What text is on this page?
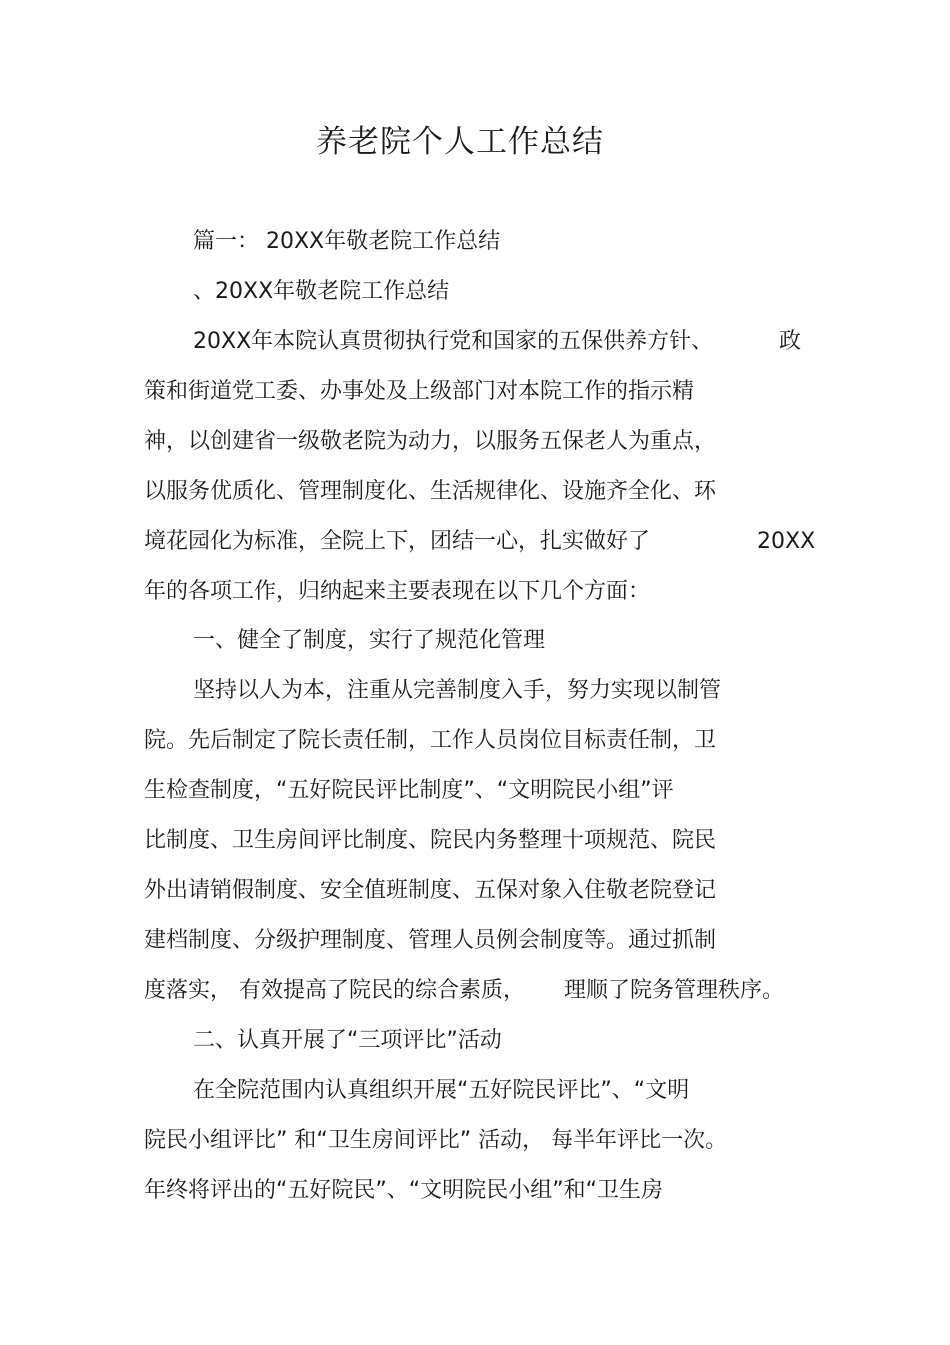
养老院个人工作总结
篇一： 20XX年敬老院工作总结
、20XX年敬老院工作总结
20XX年本院认真贯彻执行党和国家的五保供养方针、	政
策和街道党工委、办事处及上级部门对本院工作的指示精
神，以创建省一级敬老院为动力，以服务五保老人为重点，
以服务优质化、管理制度化、生活规律化、设施齐全化、环
境花园化为标准，全院上下，团结一心，扎实做好了	20XX
年的各项工作，归纳起来主要表现在以下几个方面：
一、健全了制度，实行了规范化管理
坚持以人为本，注重从完善制度入手，努力实现以制管
院。先后制定了院长责任制，工作人员岗位目标责任制，卫
生检查制度，“五好院民评比制度”、“文明院民小组”评
比制度、卫生房间评比制度、院民内务整理十项规范、院民
外出请销假制度、安全值班制度、五保对象入住敬老院登记
建档制度、分级护理制度、管理人员例会制度等。通过抓制
度落实， 有效提高了院民的综合素质， 理顺了院务管理秩序。
二、认真开展了“三项评比”活动
在全院范围内认真组织开展“五好院民评比”、“文明
院民小组评比” 和“卫生房间评比” 活动， 每半年评比一次。
年终将评出的“五好院民”、“文明院民小组”和“卫生房
